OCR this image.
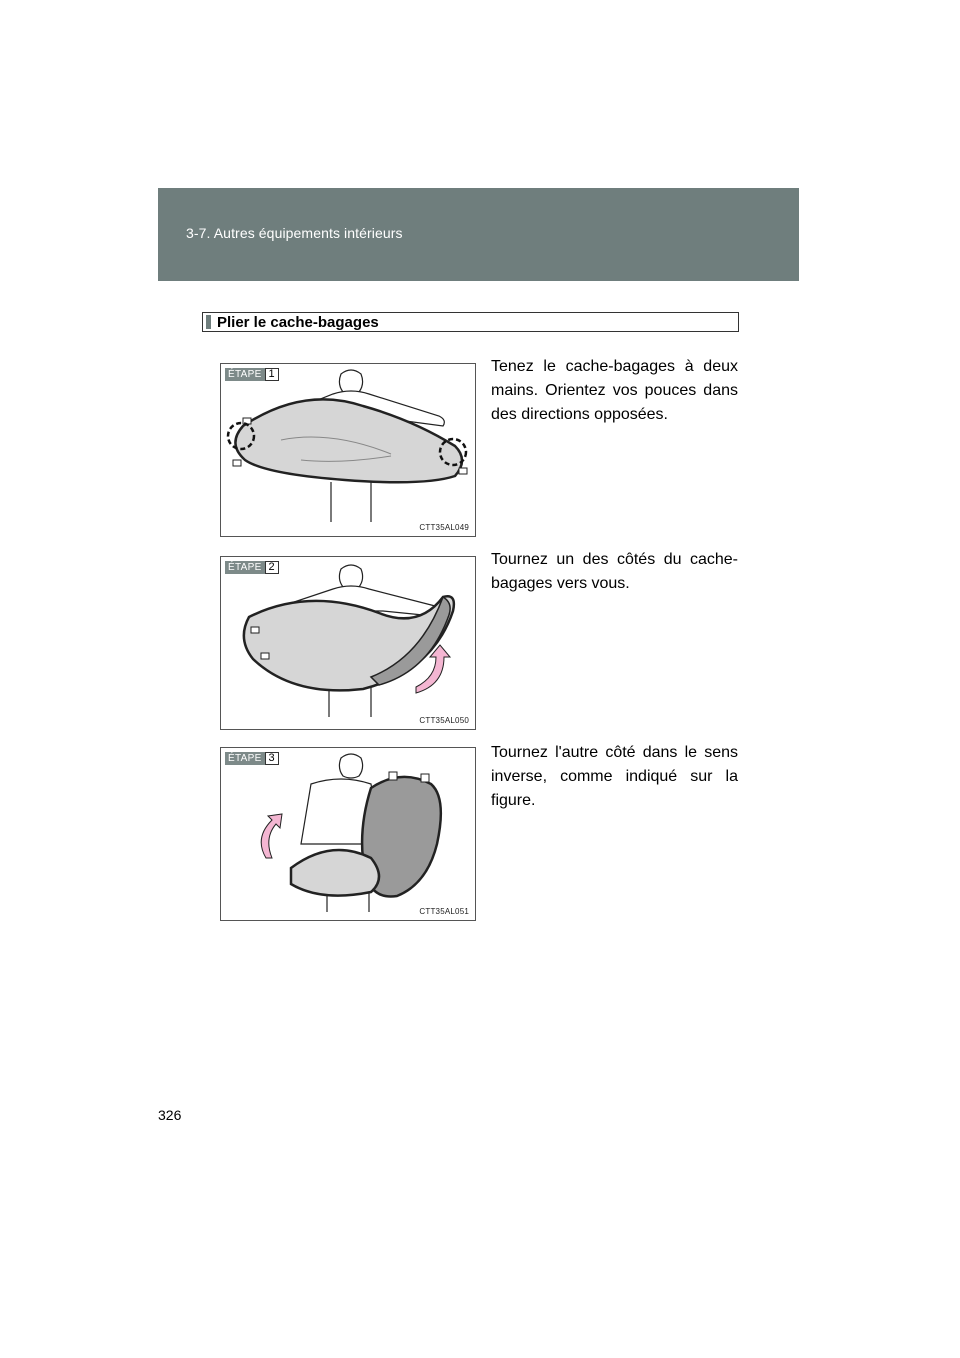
3-7. Autres équipements intérieurs
Plier le cache-bagages
ÉTAPE 1
CTT35AL049
Tenez le cache-bagages à deux mains. Orientez vos pouces dans des directions opposées.
ÉTAPE 2
CTT35AL050
Tournez un des côtés du cache-bagages vers vous.
ÉTAPE 3
CTT35AL051
Tournez l'autre côté dans le sens inverse, comme indiqué sur la figure.
326
